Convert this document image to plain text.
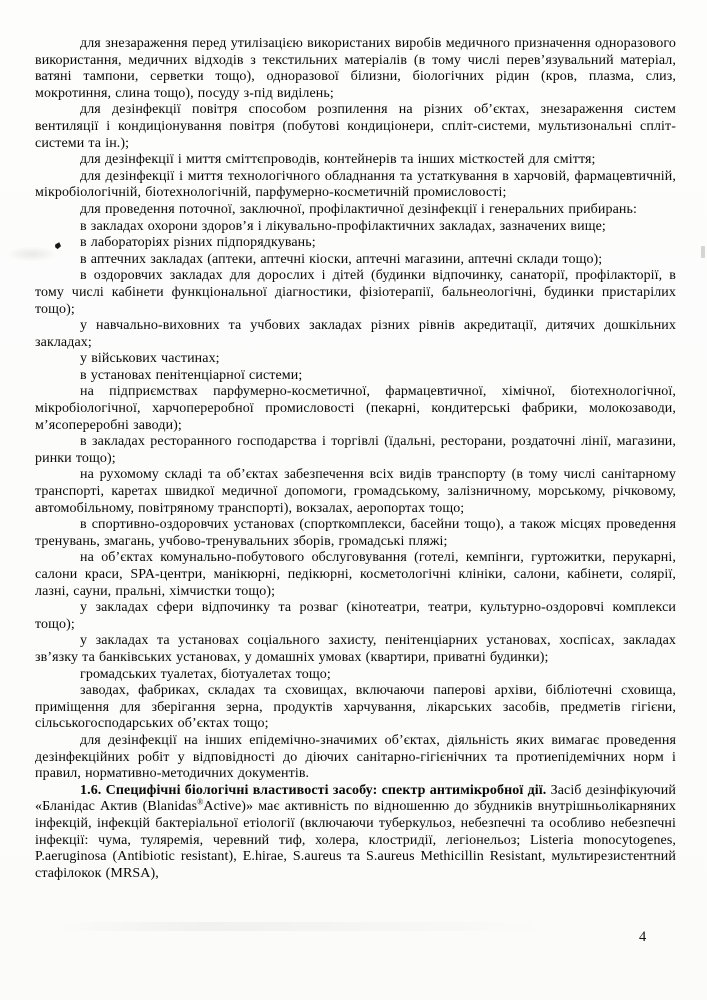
для знезараження перед утилізацією використаних виробів медичного призначення одноразового використання, медичних відходів з текстильних матеріалів (в тому числі перев’язувальний матеріал, ватяні тампони, серветки тощо), одноразової білизни, біологічних рідин (кров, плазма, слиз, мокротиння, слина тощо), посуду з-під виділень;

для дезінфекції повітря способом розпилення на різних об’єктах, знезараження систем вентиляції і кондиціонування повітря (побутові кондиціонери, спліт-системи, мультизональні спліт-системи та ін.);

для дезінфекції і миття сміттєпроводів, контейнерів та інших місткостей для сміття;

для дезінфекції і миття технологічного обладнання та устаткування в харчовій, фармацевтичній, мікробіологічній, біотехнологічній, парфумерно-косметичній промисловості;

для проведення поточної, заключної, профілактичної дезінфекції і генеральних прибирань:

в закладах охорони здоров’я і лікувально-профілактичних закладах, зазначених вище;

в лабораторіях різних підпорядкувань;

в аптечних закладах (аптеки, аптечні кіоски, аптечні магазини, аптечні склади тощо);

в оздоровчих закладах для дорослих і дітей (будинки відпочинку, санаторії, профілакторії, в тому числі кабінети функціональної діагностики, фізіотерапії, бальнеологічні, будинки пристарілих тощо);

у навчально-виховних та учбових закладах різних рівнів акредитації, дитячих дошкільних закладах;

у військових частинах;

в установах пенітенціарної системи;

на підприємствах парфумерно-косметичної, фармацевтичної, хімічної, біотехнологічної, мікробіологічної, харчопереробної промисловості (пекарні, кондитерські фабрики, молокозаводи, м’ясопереробні заводи);

в закладах ресторанного господарства і торгівлі (їдальні, ресторани, роздаточні лінії, магазини, ринки тощо);

на рухомому складі та об’єктах забезпечення всіх видів транспорту (в тому числі санітарному транспорті, каретах швидкої медичної допомоги, громадському, залізничному, морському, річковому, автомобільному, повітряному транспорті), вокзалах, аеропортах тощо;

в спортивно-оздоровчих установах (спорткомплекси, басейни тощо), а також місцях проведення тренувань, змагань, учбово-тренувальних зборів, громадські пляжі;

на об’єктах комунально-побутового обслуговування (готелі, кемпінги, гуртожитки, перукарні, салони краси, SPA-центри, манікюрні, педікюрні, косметологічні клініки, салони, кабінети, солярії, лазні, сауни, пральні, хімчистки тощо);

у закладах сфери відпочинку та розваг (кінотеатри, театри, культурно-оздоровчі комплекси тощо);

у закладах та установах соціального захисту, пенітенціарних установах, хоспісах, закладах зв’язку та банківських установах, у домашніх умовах (квартири, приватні будинки);

громадських туалетах, біотуалетах тощо;

заводах, фабриках, складах та сховищах, включаючи паперові архіви, бібліотечні сховища, приміщення для зберігання зерна, продуктів харчування, лікарських засобів, предметів гігієни, сільськогосподарських об’єктах тощо;

для дезінфекції на інших епідемічно-значимих об’єктах, діяльність яких вимагає проведення дезінфекційних робіт у відповідності до діючих санітарно-гігієнічних та протиепідемічних норм і правил, нормативно-методичних документів.

1.6. Специфічні біологічні властивості засобу: спектр антимікробної дії. Засіб дезінфікуючий «Бланідас Актив (Blanidas®Active)» має активність по відношенню до збудників внутрішньолікарняних інфекцій, інфекцій бактеріальної етіології (включаючи туберкульоз, небезпечні та особливо небезпечні інфекції: чума, туляремія, черевний тиф, холера, клостридії, легіонельоз; Listeria monocytogenes, P.aeruginosa (Antibiotic resistant), E.hirae, S.aureus та S.aureus Methicillin Resistant, мультирезистентний стафілокок (MRSA),

4
